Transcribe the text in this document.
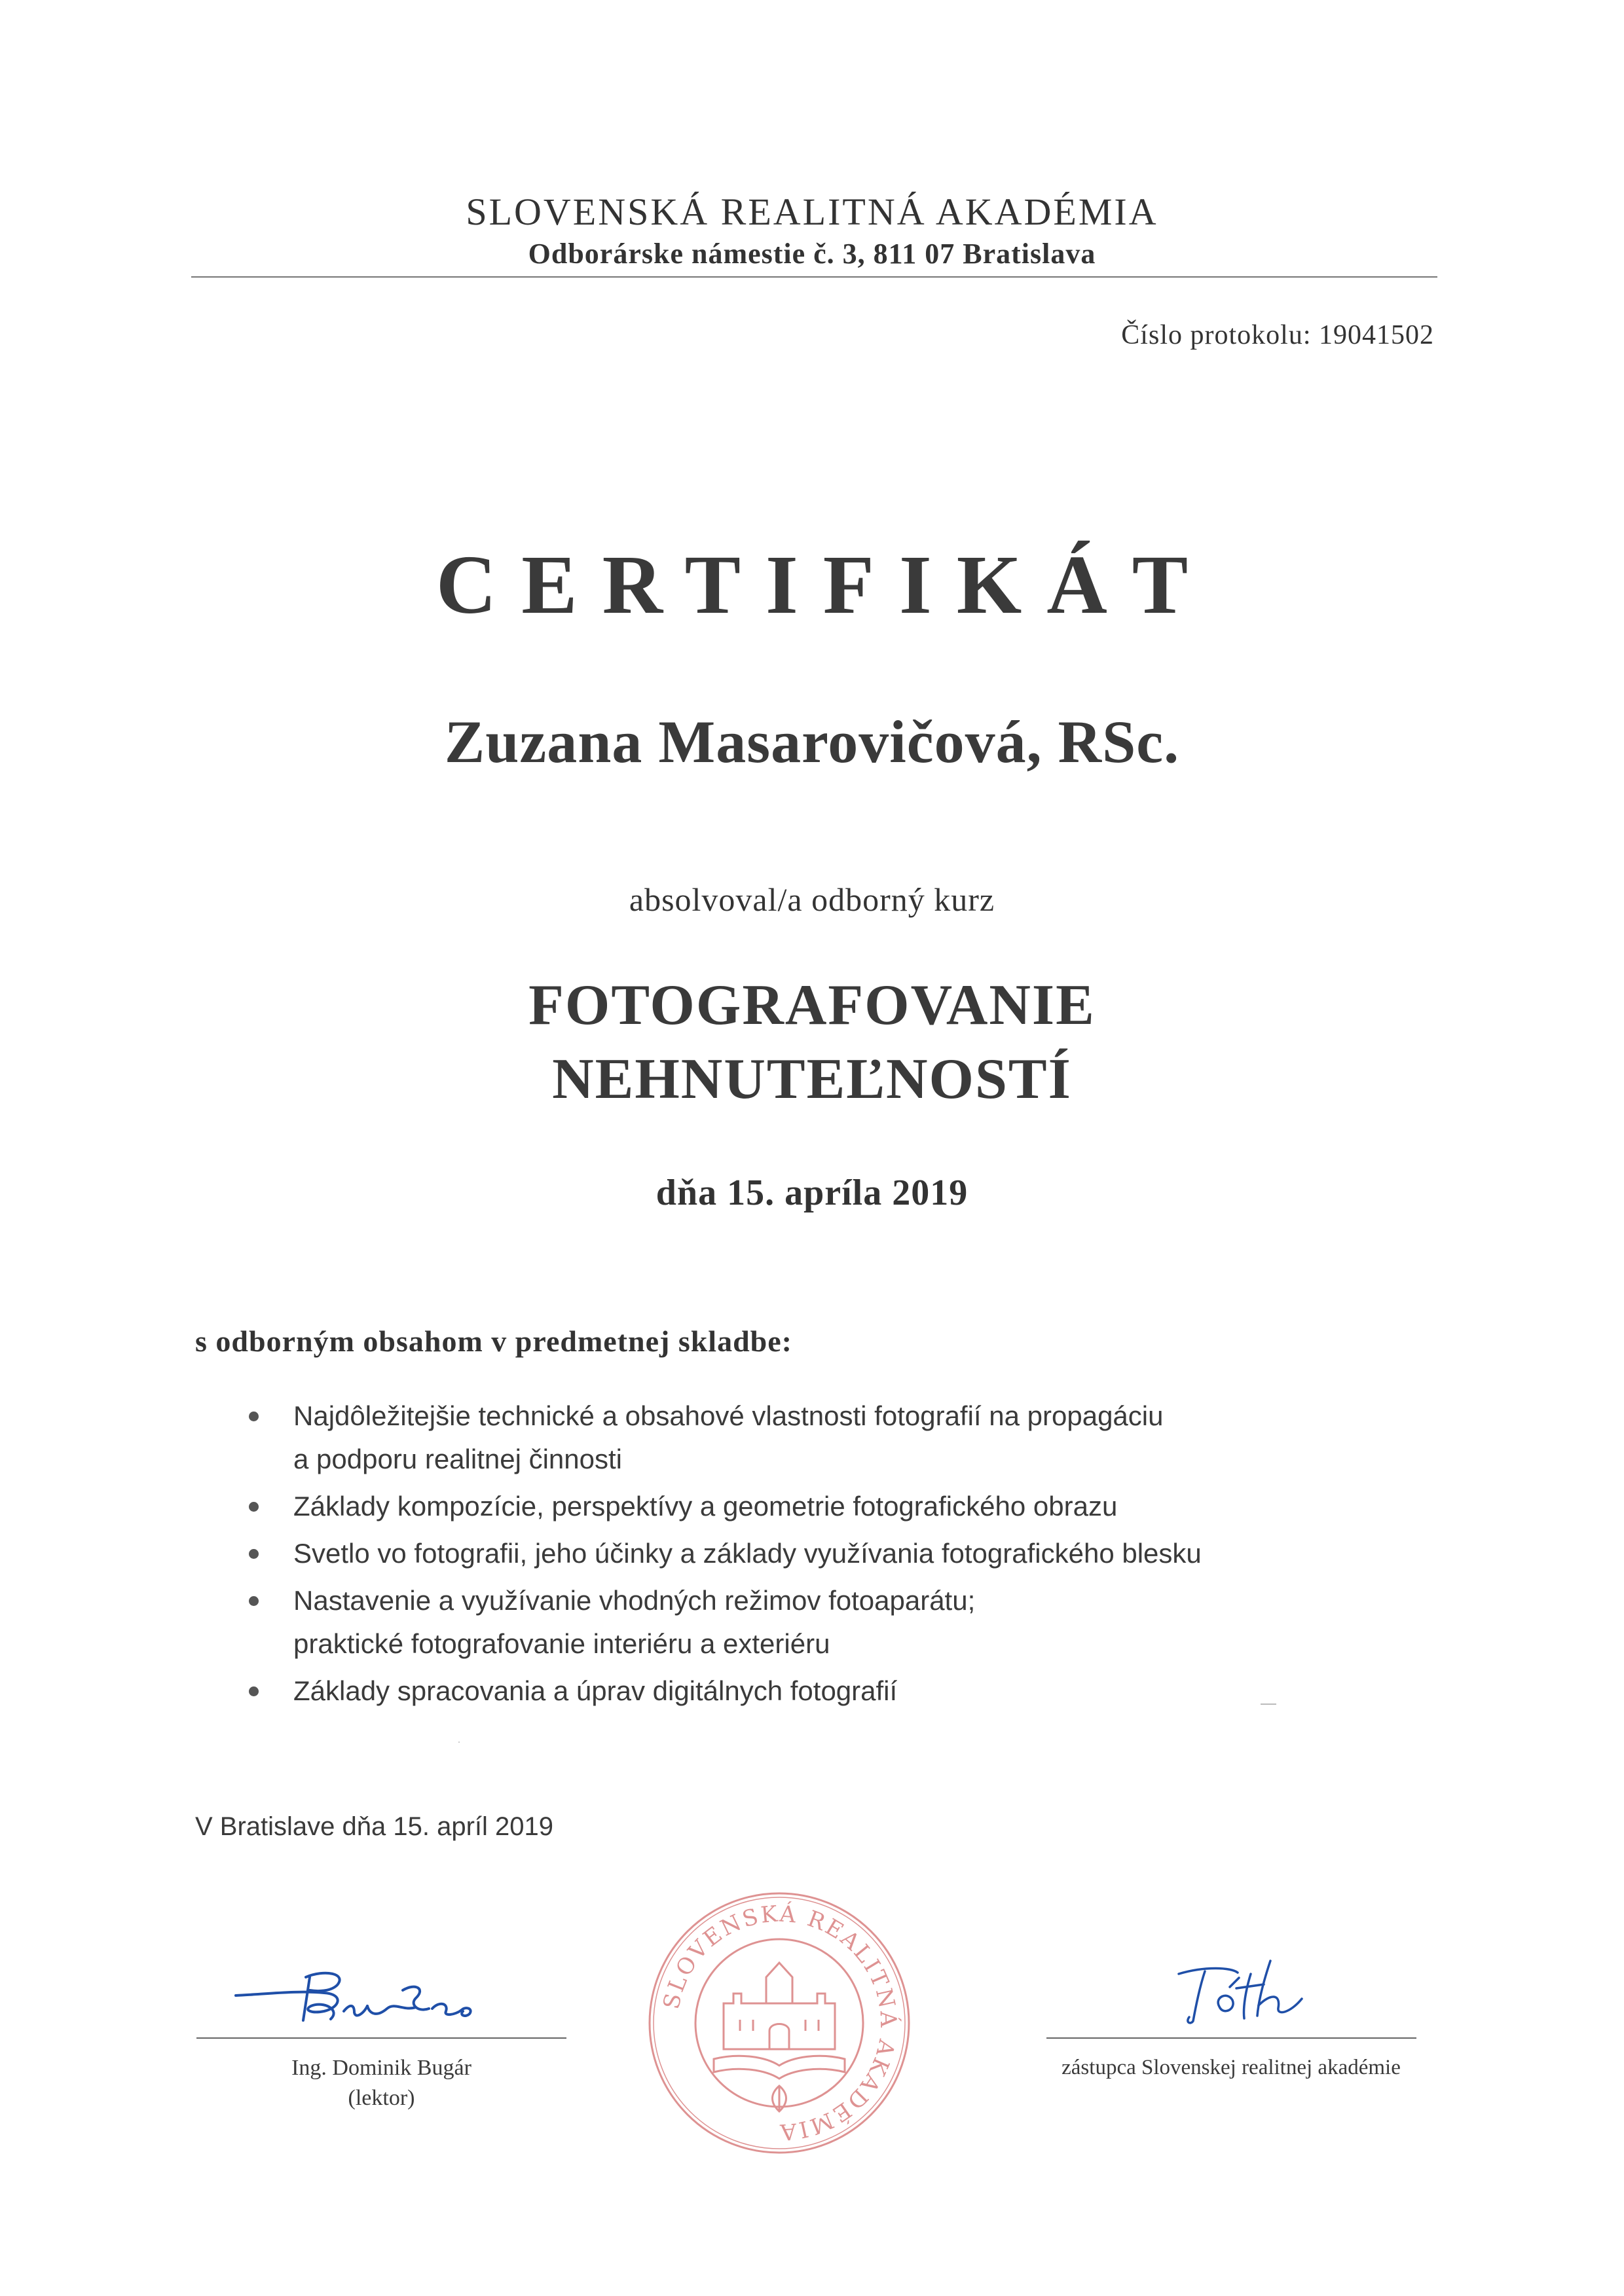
SLOVENSKÁ REALITNÁ AKADÉMIA
Odborárske námestie č. 3, 811 07 Bratislava
Číslo protokolu: 19041502
CERTIFIKÁT
Zuzana Masarovičová, RSc.
absolvoval/a odborný kurz
FOTOGRAFOVANIE
NEHNUTEĽNOSTÍ
dňa 15. apríla 2019
s odborným obsahom v predmetnej skladbe:
Najdôležitejšie technické a obsahové vlastnosti fotografií na propagáciu
a podporu realitnej činnosti
Základy kompozície, perspektívy a geometrie fotografického obrazu
Svetlo vo fotografii, jeho účinky a základy využívania fotografického blesku
Nastavenie a využívanie vhodných režimov fotoaparátu;
praktické fotografovanie interiéru a exteriéru
Základy spracovania a úprav digitálnych fotografií
V Bratislave dňa 15. apríl 2019
SLOVENSKÁ REALITNÁ AKADÉMIA
Ing. Dominik Bugár
(lektor)
zástupca Slovenskej realitnej akadémie
